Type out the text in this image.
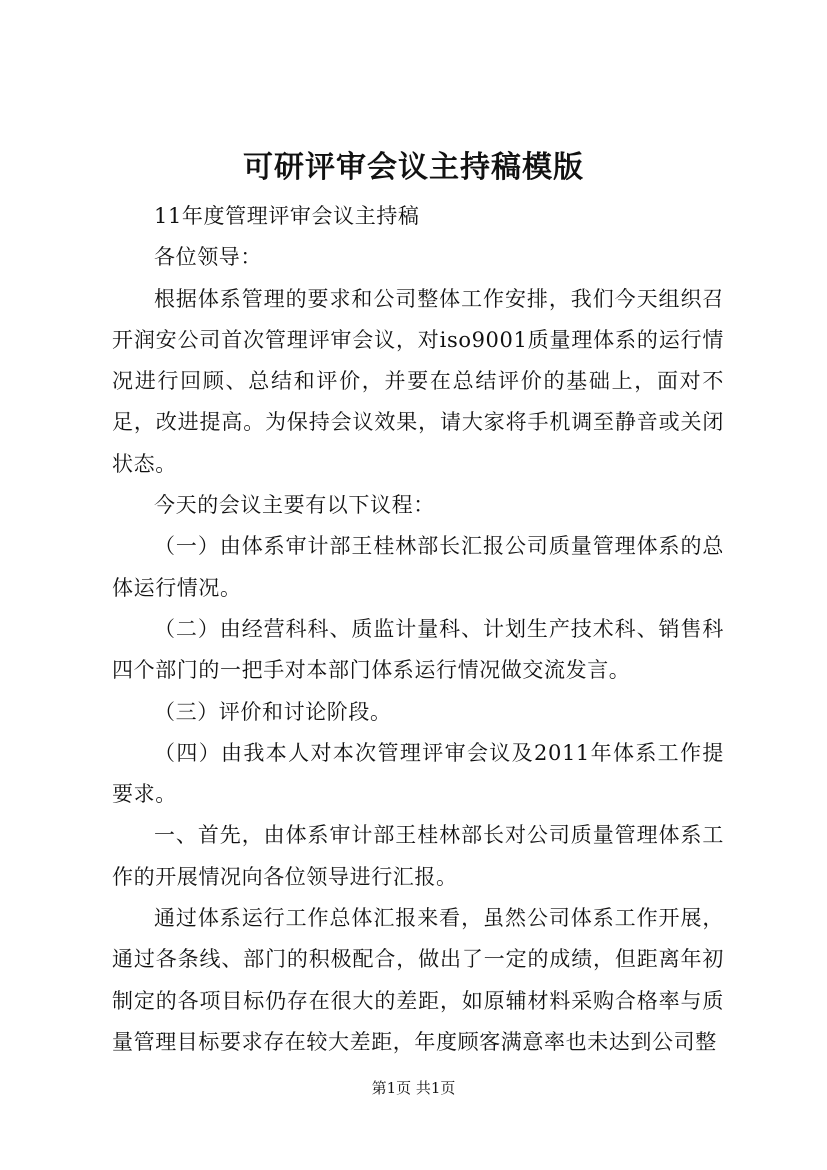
可研评审会议主持稿模版

11年度管理评审会议主持稿

各位领导：

根据体系管理的要求和公司整体工作安排，我们今天组织召开润安公司首次管理评审会议，对iso9001质量理体系的运行情况进行回顾、总结和评价，并要在总结评价的基础上，面对不足，改进提高。为保持会议效果，请大家将手机调至静音或关闭状态。

今天的会议主要有以下议程：

（一）由体系审计部王桂林部长汇报公司质量管理体系的总体运行情况。

（二）由经营科科、质监计量科、计划生产技术科、销售科四个部门的一把手对本部门体系运行情况做交流发言。

（三）评价和讨论阶段。

（四）由我本人对本次管理评审会议及2011年体系工作提要求。

一、首先，由体系审计部王桂林部长对公司质量管理体系工作的开展情况向各位领导进行汇报。

通过体系运行工作总体汇报来看，虽然公司体系工作开展，通过各条线、部门的积极配合，做出了一定的成绩，但距离年初制定的各项目标仍存在很大的差距，如原辅材料采购合格率与质量管理目标要求存在较大差距，年度顾客满意率也未达到公司整

第1页 共1页
